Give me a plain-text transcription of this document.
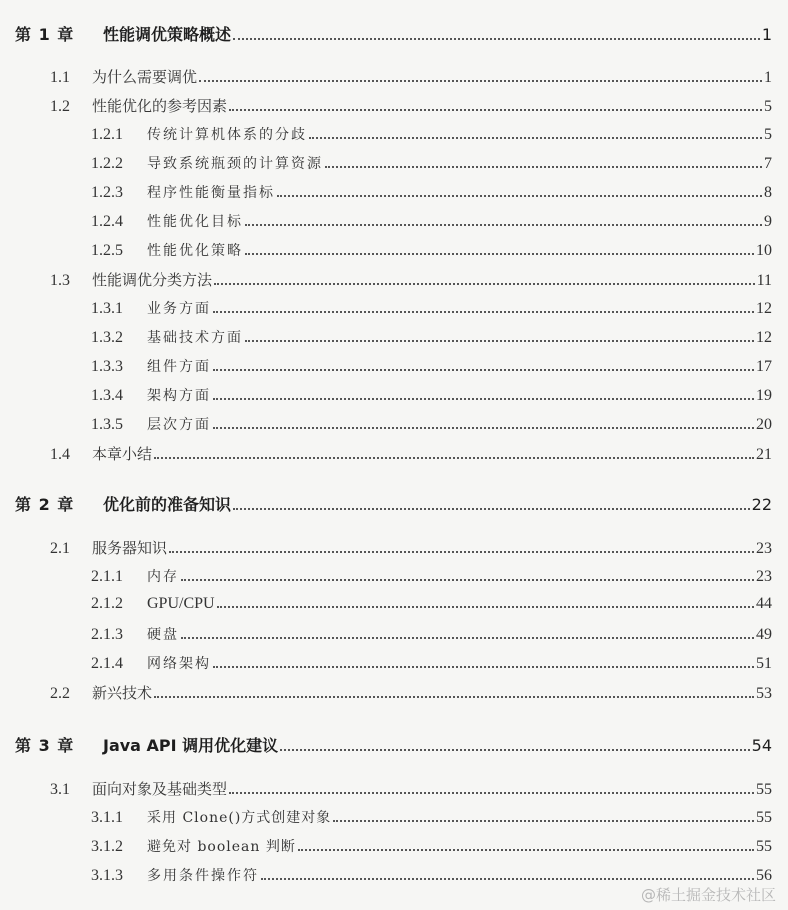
第 1 章	性能调优策略概述	1
1.1	为什么需要调优	1
1.2	性能优化的参考因素	5
1.2.1	传统计算机体系的分歧	5
1.2.2	导致系统瓶颈的计算资源	7
1.2.3	程序性能衡量指标	8
1.2.4	性能优化目标	9
1.2.5	性能优化策略	10
1.3	性能调优分类方法	11
1.3.1	业务方面	12
1.3.2	基础技术方面	12
1.3.3	组件方面	17
1.3.4	架构方面	19
1.3.5	层次方面	20
1.4	本章小结	21
第 2 章	优化前的准备知识	22
2.1	服务器知识	23
2.1.1	内存	23
2.1.2	GPU/CPU	44
2.1.3	硬盘	49
2.1.4	网络架构	51
2.2	新兴技术	53
第 3 章	Java API 调用优化建议	54
3.1	面向对象及基础类型	55
3.1.1	采用 Clone()方式创建对象	55
3.1.2	避免对 boolean 判断	55
3.1.3	多用条件操作符	56
@稀土掘金技术社区
